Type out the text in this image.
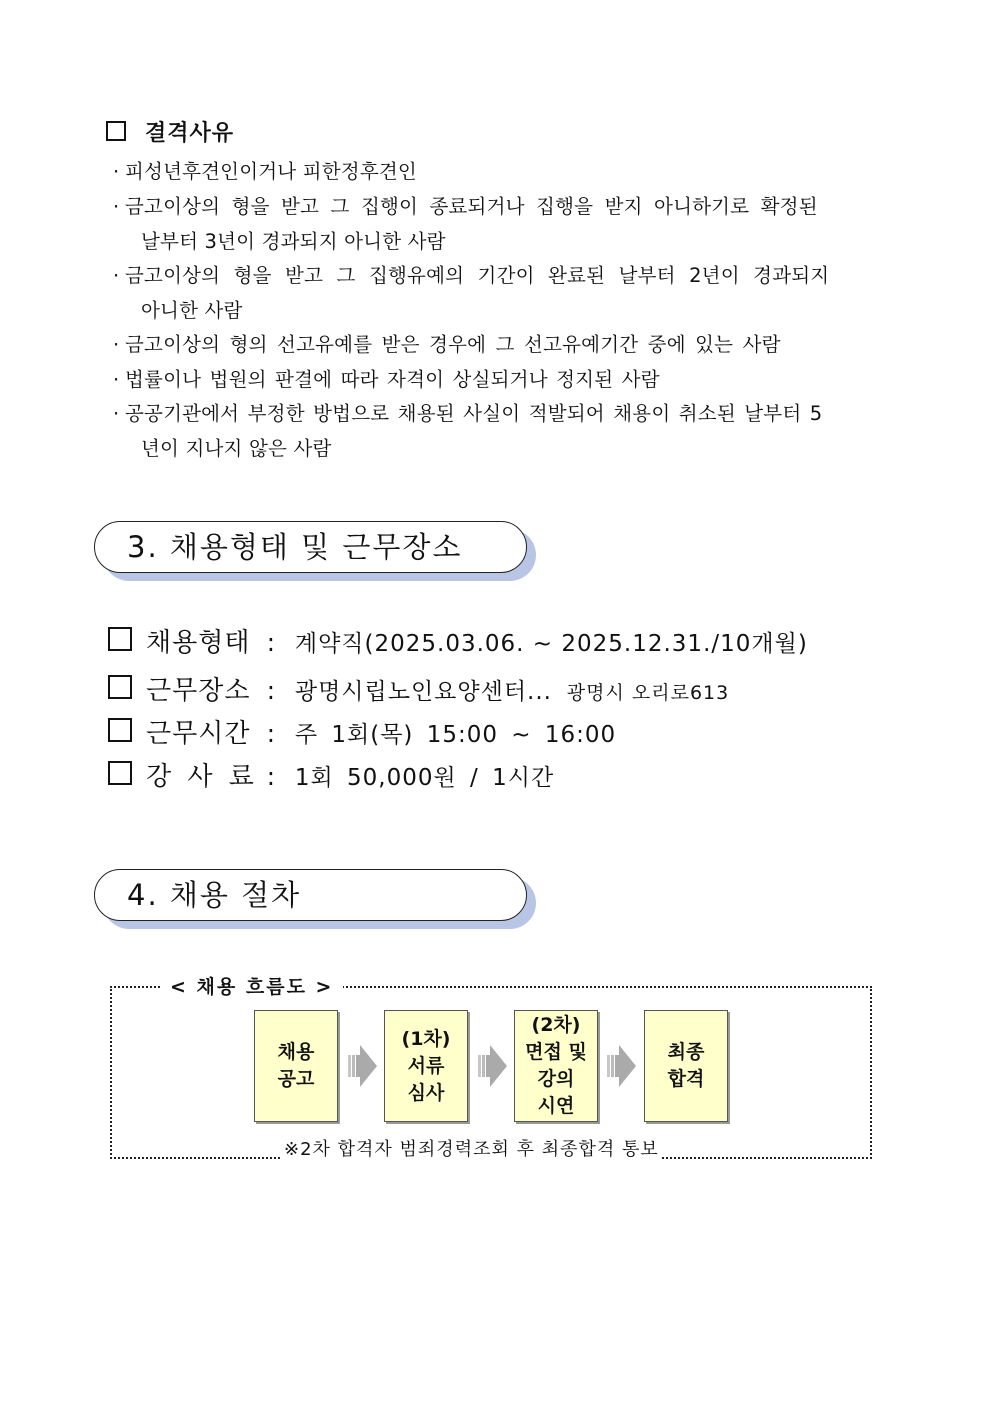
결격사유
· 피성년후견인이거나 피한정후견인
· 금고이상의 형을 받고 그 집행이 종료되거나 집행을 받지 아니하기로 확정된
날부터 3년이 경과되지 아니한 사람
· 금고이상의 형을 받고 그 집행유예의 기간이 완료된 날부터 2년이 경과되지
아니한 사람
· 금고이상의 형의 선고유예를 받은 경우에 그 선고유예기간 중에 있는 사람
· 법률이나 법원의 판결에 따라 자격이 상실되거나 정지된 사람
· 공공기관에서 부정한 방법으로 채용된 사실이 적발되어 채용이 취소된 날부터 5
년이 지나지 않은 사람
3. 채용형태 및 근무장소
채용형태 : 계약직(2025.03.06. ~ 2025.12.31./10개월)
근무장소 : 광명시립노인요양센터... 광명시 오리로613
근무시간 : 주 1회(목) 15:00 ~ 16:00
강 사 료 : 1회 50,000원 / 1시간
4. 채용 절차
< 채용 흐름도 >
채용
공고
(1차)
서류
심사
(2차)
면접 및
강의
시연
최종
합격
※2차 합격자 범죄경력조회 후 최종합격 통보
